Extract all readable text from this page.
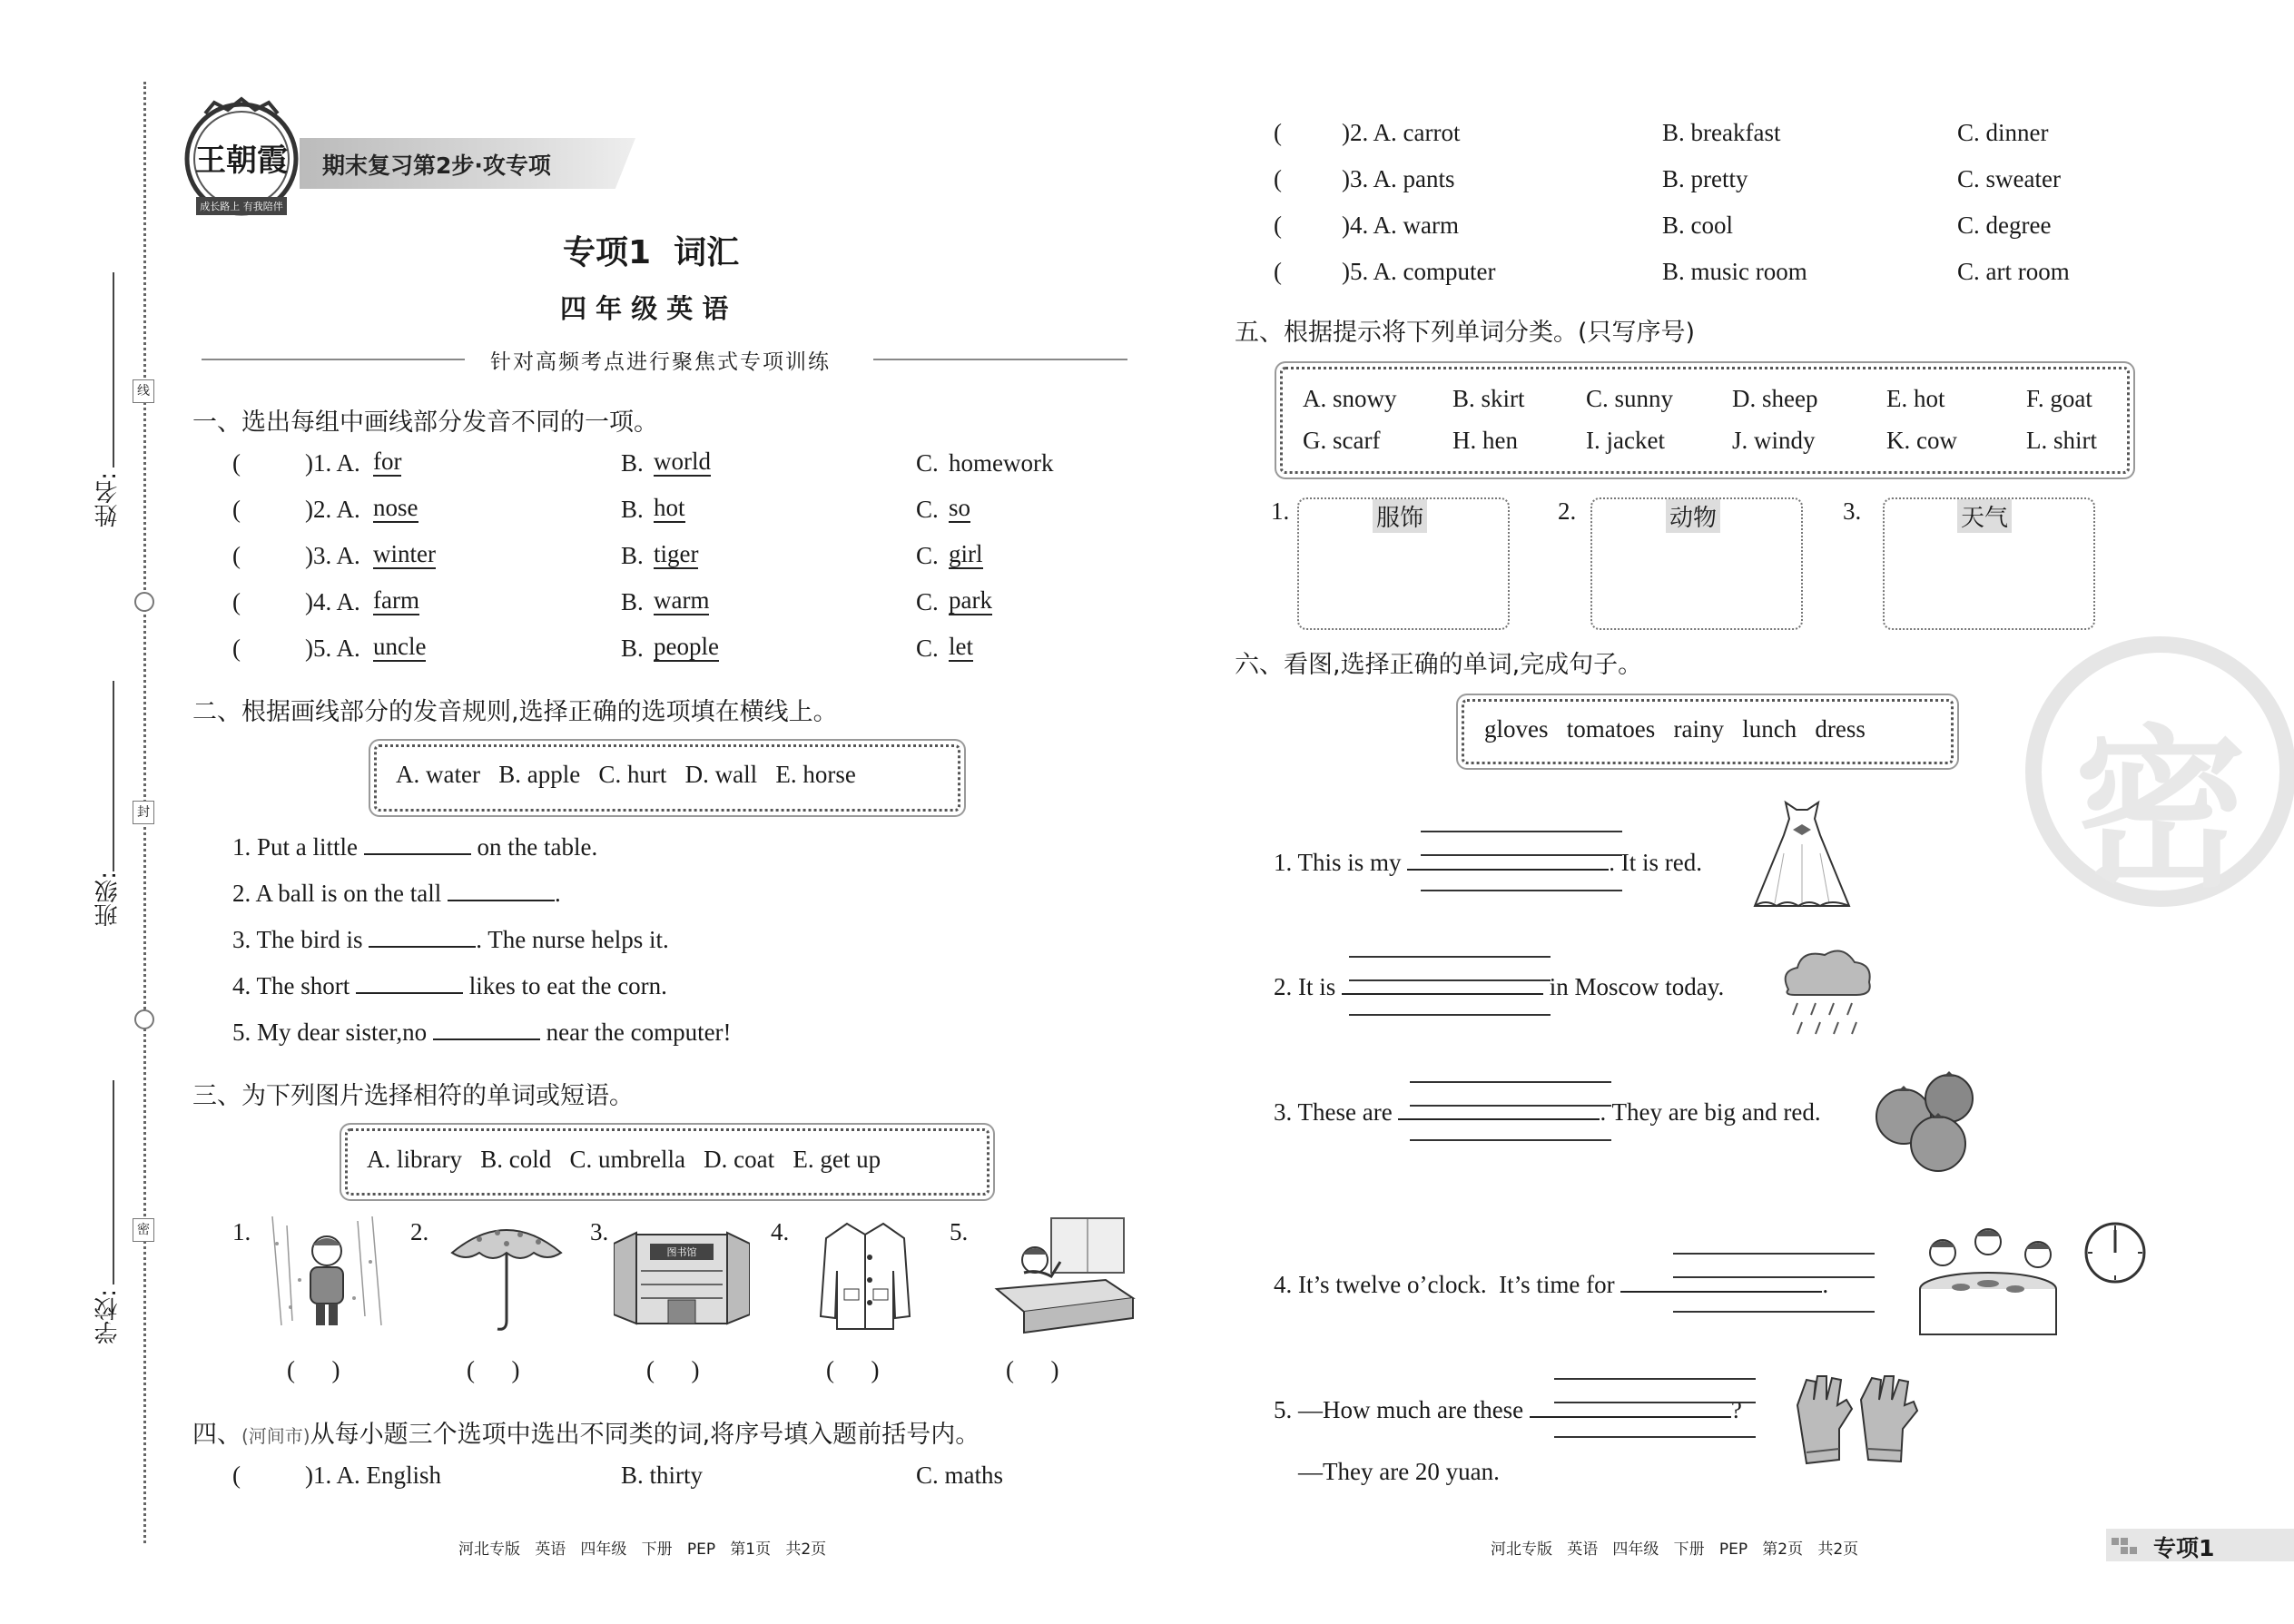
姓名:
班级:
学校:
线
封
密
王朝霞
成长路上 有我陪伴
期末复习第2步·攻专项
专项1  词汇
四 年 级 英 语
针对高频考点进行聚焦式专项训练
一、选出每组中画线部分发音不同的一项。
(	)1. A. for	B. world	C. homework
(	)2. A. nose	B. hot	C. so
(	)3. A. winter	B. tiger	C. girl
(	)4. A. farm	B. warm	C. park
(	)5. A. uncle	B. people	C. let
二、根据画线部分的发音规则,选择正确的选项填在横线上。
A. water   B. apple   C. hurt   D. wall   E. horse
1. Put a little	on the table.
2. A ball is on the tall	.
3. The bird is	. The nurse helps it.
4. The short	likes to eat the corn.
5. My dear sister,no	near the computer!
三、为下列图片选择相符的单词或短语。
A. library   B. cold   C. umbrella   D. coat   E. get up
1.	2.	3.	4.	5.
图书馆
(      )	(      )	(      )	(      )	(      )
四、(河间市)从每小题三个选项中选出不同类的词,将序号填入题前括号内。
(	)1. A. English	B. thirty	C. maths
河北专版   英语   四年级   下册   PEP   第1页   共2页
( )2. A. carrot	B. breakfast	C. dinner
( )3. A. pants	B. pretty	C. sweater
( )4. A. warm	B. cool	C. degree
( )5. A. computer	B. music room	C. art room
五、根据提示将下列单词分类。(只写序号)
A. snowy B. skirt C. sunny D. sheep	E. hot	F. goat
G. scarf	H. hen	I. jacket	J. windy	K. cow	L. shirt
1.	服饰	2.	动物	3.	天气
六、看图,选择正确的单词,完成句子。
gloves   tomatoes   rainy   lunch   dress
1. This is my	. It is red.
2. It is	in Moscow today.
3. These are	. They are big and red.
4. It’s twelve o’clock.  It’s time for	.
5. —How much are these	?
—They are 20 yuan.
密
河北专版   英语   四年级   下册   PEP   第2页   共2页	专项1
